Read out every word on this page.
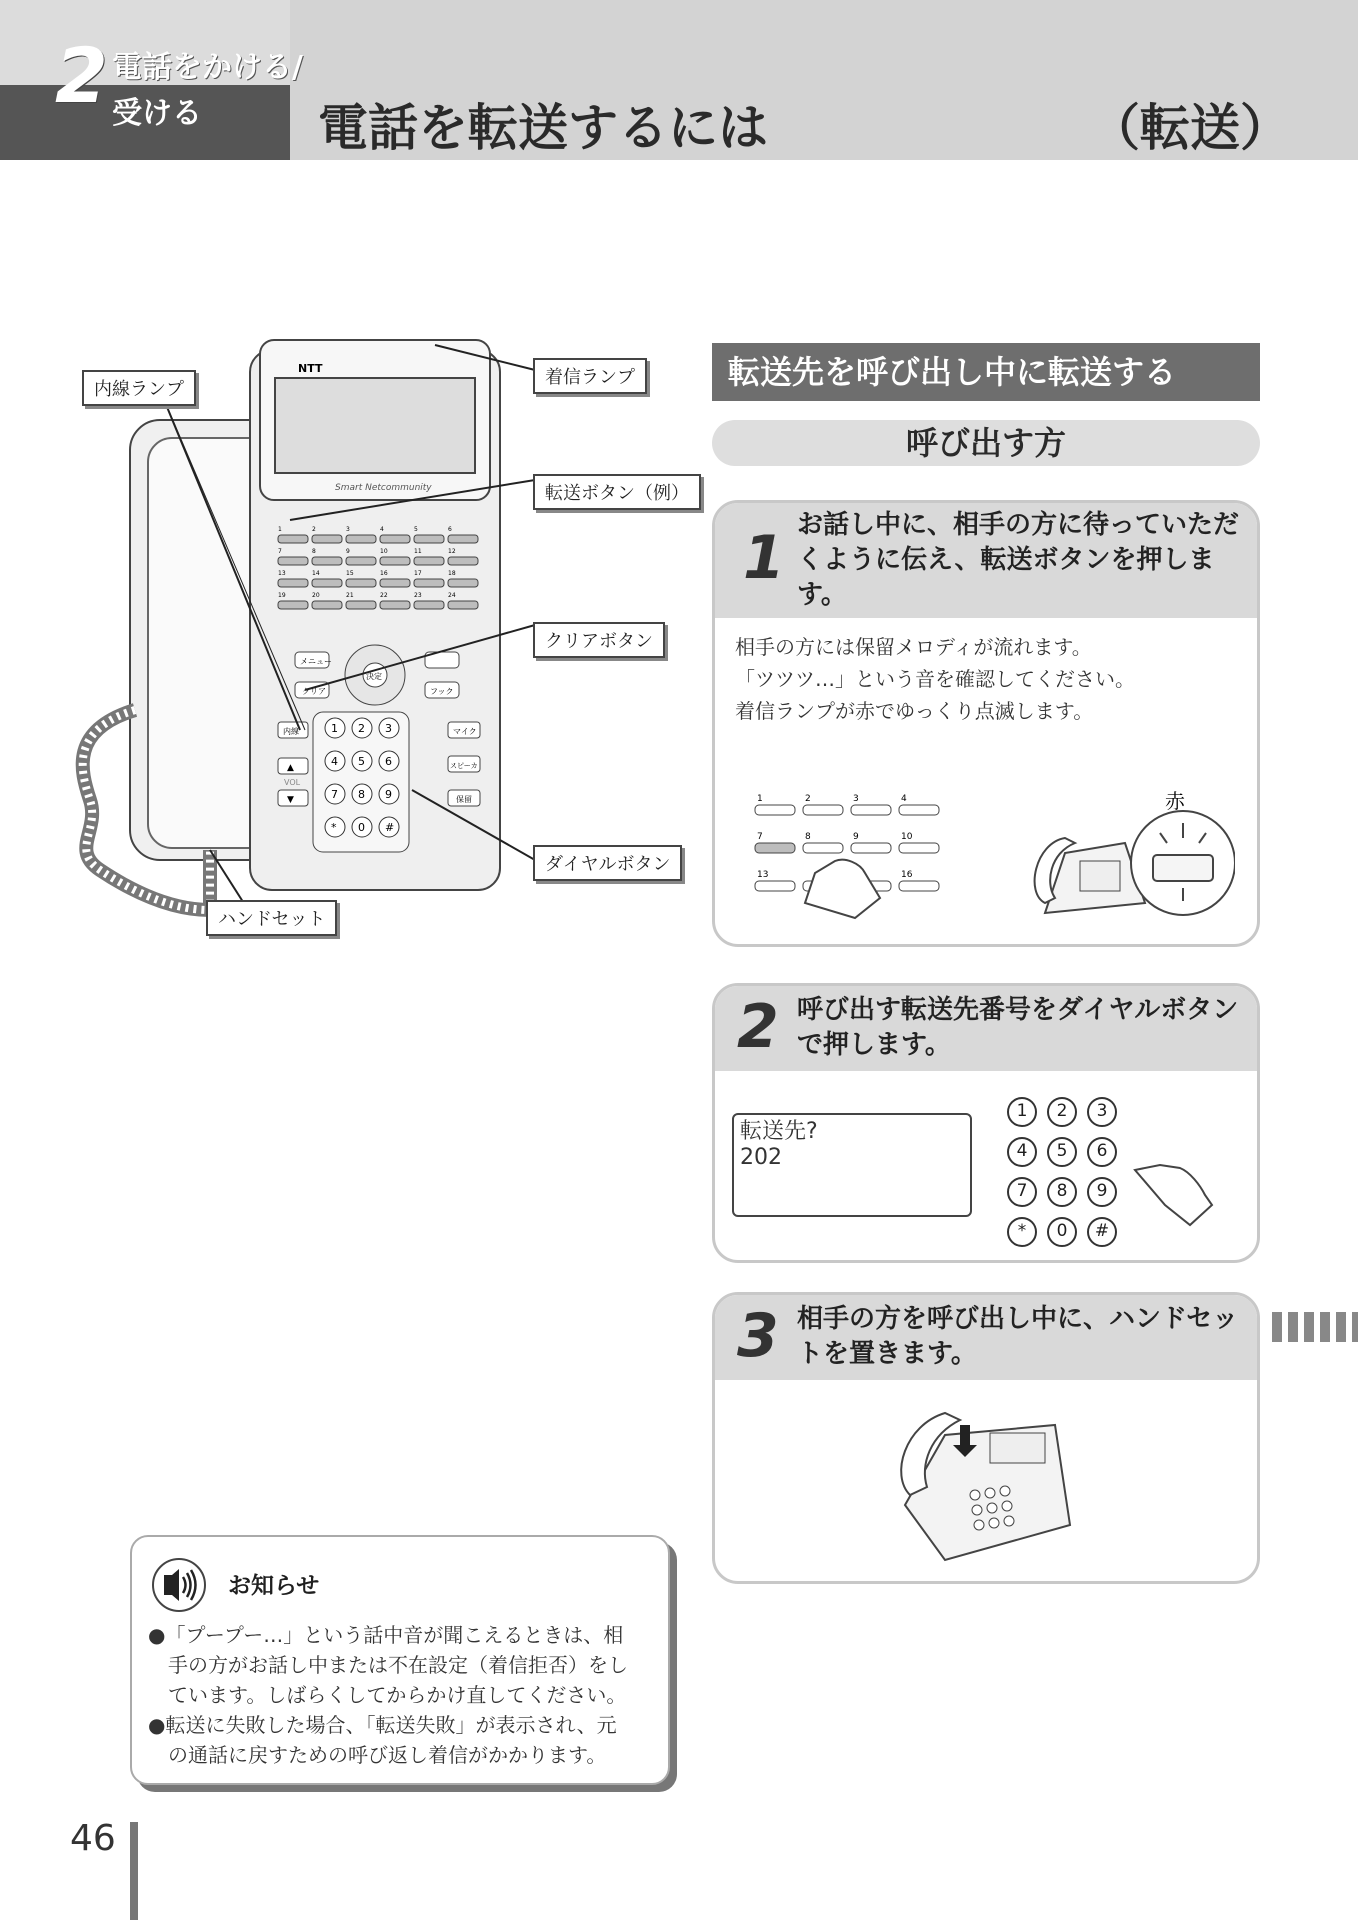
2 電話をかける/
受ける 電話を転送するには	（転送）
NTT
Smart Netcommunity
1	2	3	4	5	6
7	8	9	10	11	12
13	14	15	16	17	18
19	20	21	22	23	24
メニュー
クリア
決定
フック
内線
▲
VOL
▼
1 2 3
4 5 6
7 8 9
* 0 #
マイク
スピーカ
保留
内線ランプ
着信ランプ
転送ボタン（例）
クリアボタン
ダイヤルボタン
ハンドセット
転送先を呼び出し中に転送する
呼び出す方
1 お話し中に、相手の方に待っていただくように伝え、転送ボタンを押します。
相手の方には保留メロディが流れます。
「ツツツ…」という音を確認してください。
着信ランプが赤でゆっくり点滅します。
1	2	3	4
7	8	9	10
13	16
赤
2 呼び出す転送先番号をダイヤルボタンで押します。
転送先?
202
1	2	3
4	5	6
7	8	9
*	0	#
3 相手の方を呼び出し中に、ハンドセットを置きます。
お知らせ
●「プープー…」という話中音が聞こえるときは、相
　手の方がお話し中または不在設定（着信拒否）をし
　ています。しばらくしてからかけ直してください。
●転送に失敗した場合、「転送失敗」が表示され、元
　の通話に戻すための呼び返し着信がかかります。
46
